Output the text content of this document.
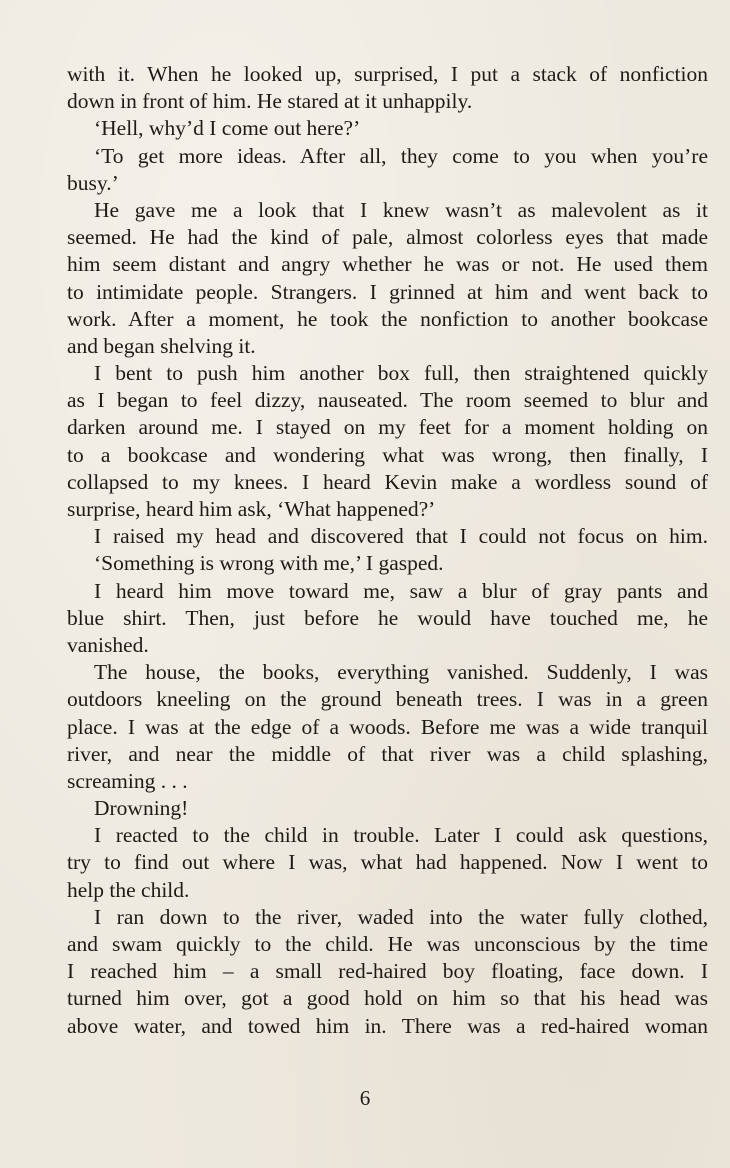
with it. When he looked up, surprised, I put a stack of nonfiction
down in front of him. He stared at it unhappily.
‘Hell, why’d I come out here?’
‘To get more ideas. After all, they come to you when you’re
busy.’
He gave me a look that I knew wasn’t as malevolent as it
seemed. He had the kind of pale, almost colorless eyes that made
him seem distant and angry whether he was or not. He used them
to intimidate people. Strangers. I grinned at him and went back to
work. After a moment, he took the nonfiction to another bookcase
and began shelving it.
I bent to push him another box full, then straightened quickly
as I began to feel dizzy, nauseated. The room seemed to blur and
darken around me. I stayed on my feet for a moment holding on
to a bookcase and wondering what was wrong, then finally, I
collapsed to my knees. I heard Kevin make a wordless sound of
surprise, heard him ask, ‘What happened?’
I raised my head and discovered that I could not focus on him.
‘Something is wrong with me,’ I gasped.
I heard him move toward me, saw a blur of gray pants and
blue shirt. Then, just before he would have touched me, he
vanished.
The house, the books, everything vanished. Suddenly, I was
outdoors kneeling on the ground beneath trees. I was in a green
place. I was at the edge of a woods. Before me was a wide tranquil
river, and near the middle of that river was a child splashing,
screaming . . .
Drowning!
I reacted to the child in trouble. Later I could ask questions,
try to find out where I was, what had happened. Now I went to
help the child.
I ran down to the river, waded into the water fully clothed,
and swam quickly to the child. He was unconscious by the time
I reached him – a small red-haired boy floating, face down. I
turned him over, got a good hold on him so that his head was
above water, and towed him in. There was a red-haired woman
6
